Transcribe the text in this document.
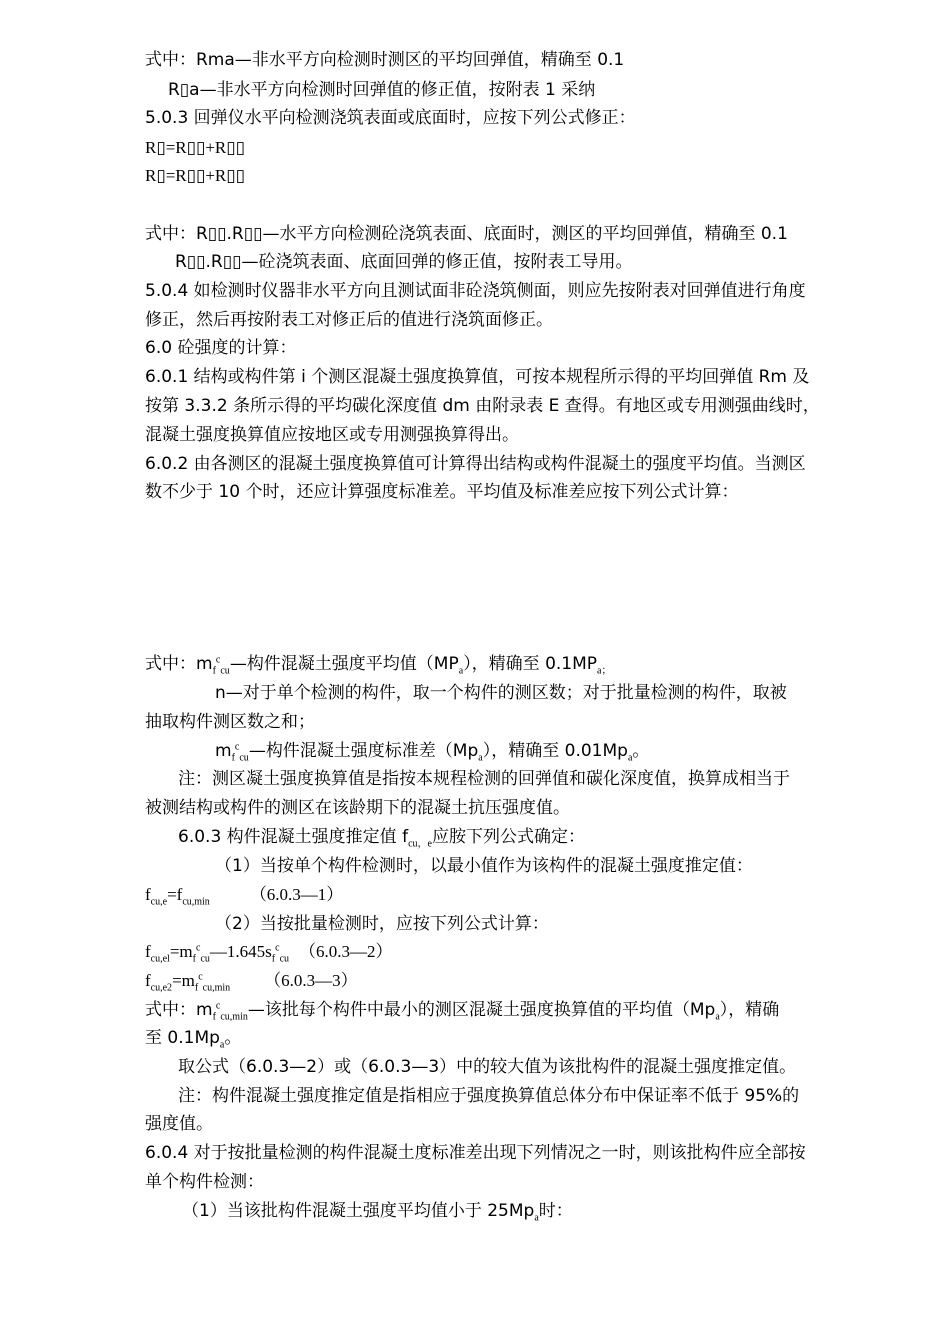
式中：Rma—非水平方向检测时测区的平均回弹值，精确至 0.1
R▯a—非水平方向检测时回弹值的修正值，按附表 1 采纳
5.0.3 回弹仪水平向检测浇筑表面或底面时，应按下列公式修正：
R▯=R▯▯+R▯▯
R▯=R▯▯+R▯▯
式中：R▯▯.R▯▯—水平方向检测砼浇筑表面、底面时，测区的平均回弹值，精确至 0.1
R▯▯.R▯▯—砼浇筑表面、底面回弹的修正值，按附表工导用。
5.0.4 如检测时仪器非水平方向且测试面非砼浇筑侧面，则应先按附表对回弹值进行角度
修正，然后再按附表工对修正后的值进行浇筑面修正。
6.0 砼强度的计算：
6.0.1 结构或构件第 i 个测区混凝土强度换算值，可按本规程所示得的平均回弹值 Rm 及
按第 3.3.2 条所示得的平均碳化深度值 dm 由附录表 E 查得。有地区或专用测强曲线时，
混凝土强度换算值应按地区或专用测强换算得出。
6.0.2 由各测区的混凝土强度换算值可计算得出结构或构件混凝土的强度平均值。当测区
数不少于 10 个时，还应计算强度标准差。平均值及标准差应按下列公式计算：
式中：$m_f^c_{cu}—$构件混凝土强度平均值$(MP_a)$，精确至 $0.1MP_{a;}$
n—对于单个检测的构件，取一个构件的测区数；对于批量检测的构件，取被
抽取构件测区数之和；
$m_f^c_{cu}—$构件混凝土强度标准差$(Mp_a)$，精确至 $0.01Mp_a$。
注：测区凝土强度换算值是指按本规程检测的回弹值和碳化深度值，换算成相当于
被测结构或构件的测区在该龄期下的混凝土抗压强度值。
6.0.3 构件混凝土强度推定值 $f_{cu,e}$应胺下列公式确定：
（1）当按单个构件检测时，以最小值作为该构件的混凝土强度推定值：
$f_{cu,e}=f_{cu,min}$ （6.0.3—1）
（2）当按批量检测时，应按下列公式计算：
$f_{cu,el}=m_f^c_{cu}—1.645s_f^c_{cu}$ （6.0.3—2）
$f_{cu,e2}=m_f^c_{cu,min}$ （6.0.3—3）
式中：$m_f^c_{cu,min}—$该批每个构件中最小的测区混凝土强度换算值的平均值$(Mp_a)$，精确
至 $0.1Mp_a$。
取公式（6.0.3—2）或（6.0.3—3）中的较大值为该批构件的混凝土强度推定值。
注：构件混凝土强度推定值是指相应于强度换算值总体分布中保证率不低于 95%的
强度值。
6.0.4 对于按批量检测的构件混凝土度标准差出现下列情况之一时，则该批构件应全部按
单个构件检测：
（1）当该批构件混凝土强度平均值小于 $25Mp_a$时：
